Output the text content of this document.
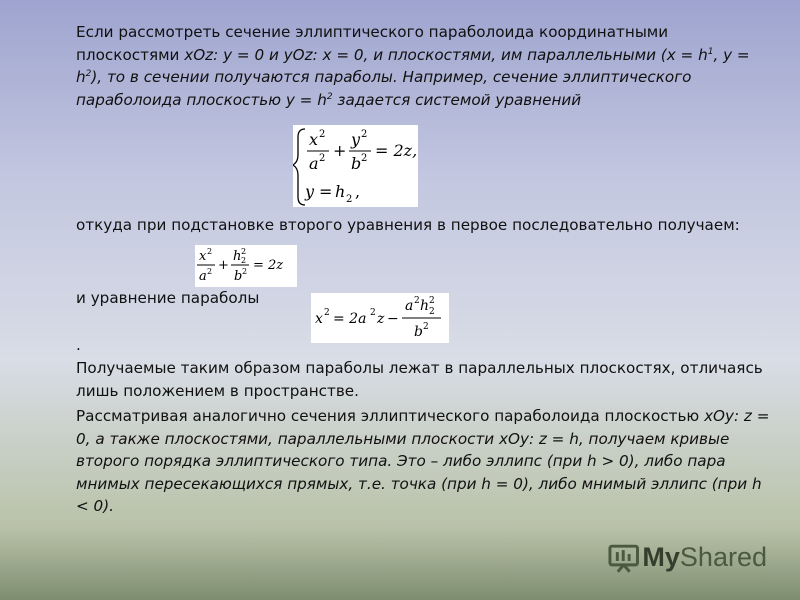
Если рассмотреть сечение эллиптического параболоида координатными плоскостями xOz: y = 0 и yOz: x = 0, и плоскостями, им параллельными ($x = h^1$, $y = h^2$), то в сечении получаются параболы. Например, сечение эллиптического параболоида плоскостью $y = h^2$ задается системой уравнений

x 2
a 2 +
y 2
b 2 = 2z,
y = h 2 ,

откуда при подстановке второго уравнения в первое последовательно получаем:

x 2
a 2 +
h 2
2
b 2 = 2z

и уравнение параболы

x 2 = 2a 2 z −
a 2 h 2
2
b 2

.

Получаемые таким образом параболы лежат в параллельных плоскостях, отличаясь лишь положением в пространстве.

Рассматривая аналогично сечения эллиптического параболоида плоскостью xOy: z = 0, а также плоскостями, параллельными плоскости xOy: z = h, получаем кривые второго порядка эллиптического типа. Это – либо эллипс (при h > 0), либо пара мнимых пересекающихся прямых, т.е. точка (при h = 0), либо мнимый эллипс (при h < 0).

MyShared
